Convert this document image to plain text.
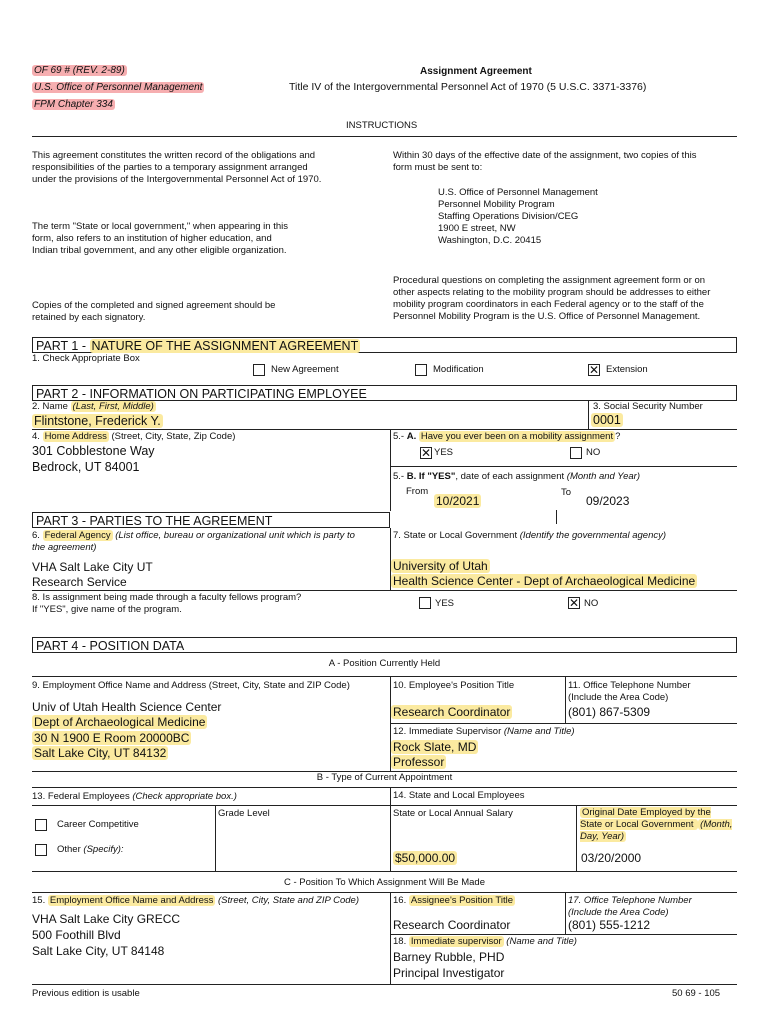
OF 69 # (REV. 2-89)
U.S. Office of Personnel Management
FPM Chapter 334
Assignment Agreement
Title IV of the Intergovernmental Personnel Act of 1970 (5 U.S.C. 3371-3376)
INSTRUCTIONS
This agreement constitutes the written record of the obligations and
responsibilities of the parties to a temporary assignment arranged
under the provisions of the Intergovernmental Personnel Act of 1970.
The term "State or local government," when appearing in this
form, also refers to an institution of higher education, and
Indian tribal government, and any other eligible organization.
Copies of the completed and signed agreement should be
retained by each signatory.
Within 30 days of the effective date of the assignment, two copies of this
form must be sent to:
U.S. Office of Personnel Management
Personnel Mobility Program
Staffing Operations Division/CEG
1900 E street, NW
Washington, D.C. 20415
Procedural questions on completing the assignment agreement form or on
other aspects relating to the mobility program should be addresses to either
mobility program coordinators in each Federal agency or to the staff of the
Personnel Mobility Program is the U.S. Office of Personnel Management.
PART 1 - NATURE OF THE ASSIGNMENT AGREEMENT
1. Check Appropriate Box
New Agreement	Modification	✕ Extension
PART 2 - INFORMATION ON PARTICIPATING EMPLOYEE
2. Name (Last, First, Middle)
Flintstone, Frederick Y.
3. Social Security Number
0001
4. Home Address (Street, City, State, Zip Code)
301 Cobblestone Way
Bedrock, UT 84001
5.- A. Have you ever been on a mobility assignment ?
✕ YES	NO
5.- B. If "YES", date of each assignment (Month and Year)
From
10/2021
To
09/2023
PART 3 - PARTIES TO THE AGREEMENT
6. Federal Agency (List office, bureau or organizational unit which is party to
the agreement)
VHA Salt Lake City UT
Research Service
7. State or Local Government (Identify the governmental agency)
University of Utah
Health Science Center - Dept of Archaeological Medicine
8. Is assignment being made through a faculty fellows program?
If "YES", give name of the program.
YES	✕ NO
PART 4 - POSITION DATA
A - Position Currently Held
9. Employment Office Name and Address (Street, City, State and ZIP Code)
Univ of Utah Health Science Center
Dept of Archaeological Medicine
30 N 1900 E Room 20000BC
Salt Lake City, UT 84132
10. Employee's Position Title
Research Coordinator
11. Office Telephone Number
(Include the Area Code)
(801) 867-5309
12. Immediate Supervisor (Name and Title)
Rock Slate, MD
Professor
B - Type of Current Appointment
13. Federal Employees (Check appropriate box.)
Grade Level
Career Competitive
Other (Specify):
14. State and Local Employees
State or Local Annual Salary	Original Date Employed by the
State or Local Government (Month,
Day, Year)
$50,000.00	03/20/2000
C - Position To Which Assignment Will Be Made
15. Employment Office Name and Address (Street, City, State and ZIP Code)
VHA Salt Lake City GRECC
500 Foothill Blvd
Salt Lake City, UT 84148
16. Assignee's Position Title
Research Coordinator
17. Office Telephone Number
(Include the Area Code)
(801) 555-1212
18. Immediate supervisor (Name and Title)
Barney Rubble, PHD
Principal Investigator
Previous edition is usable	50 69 - 105
